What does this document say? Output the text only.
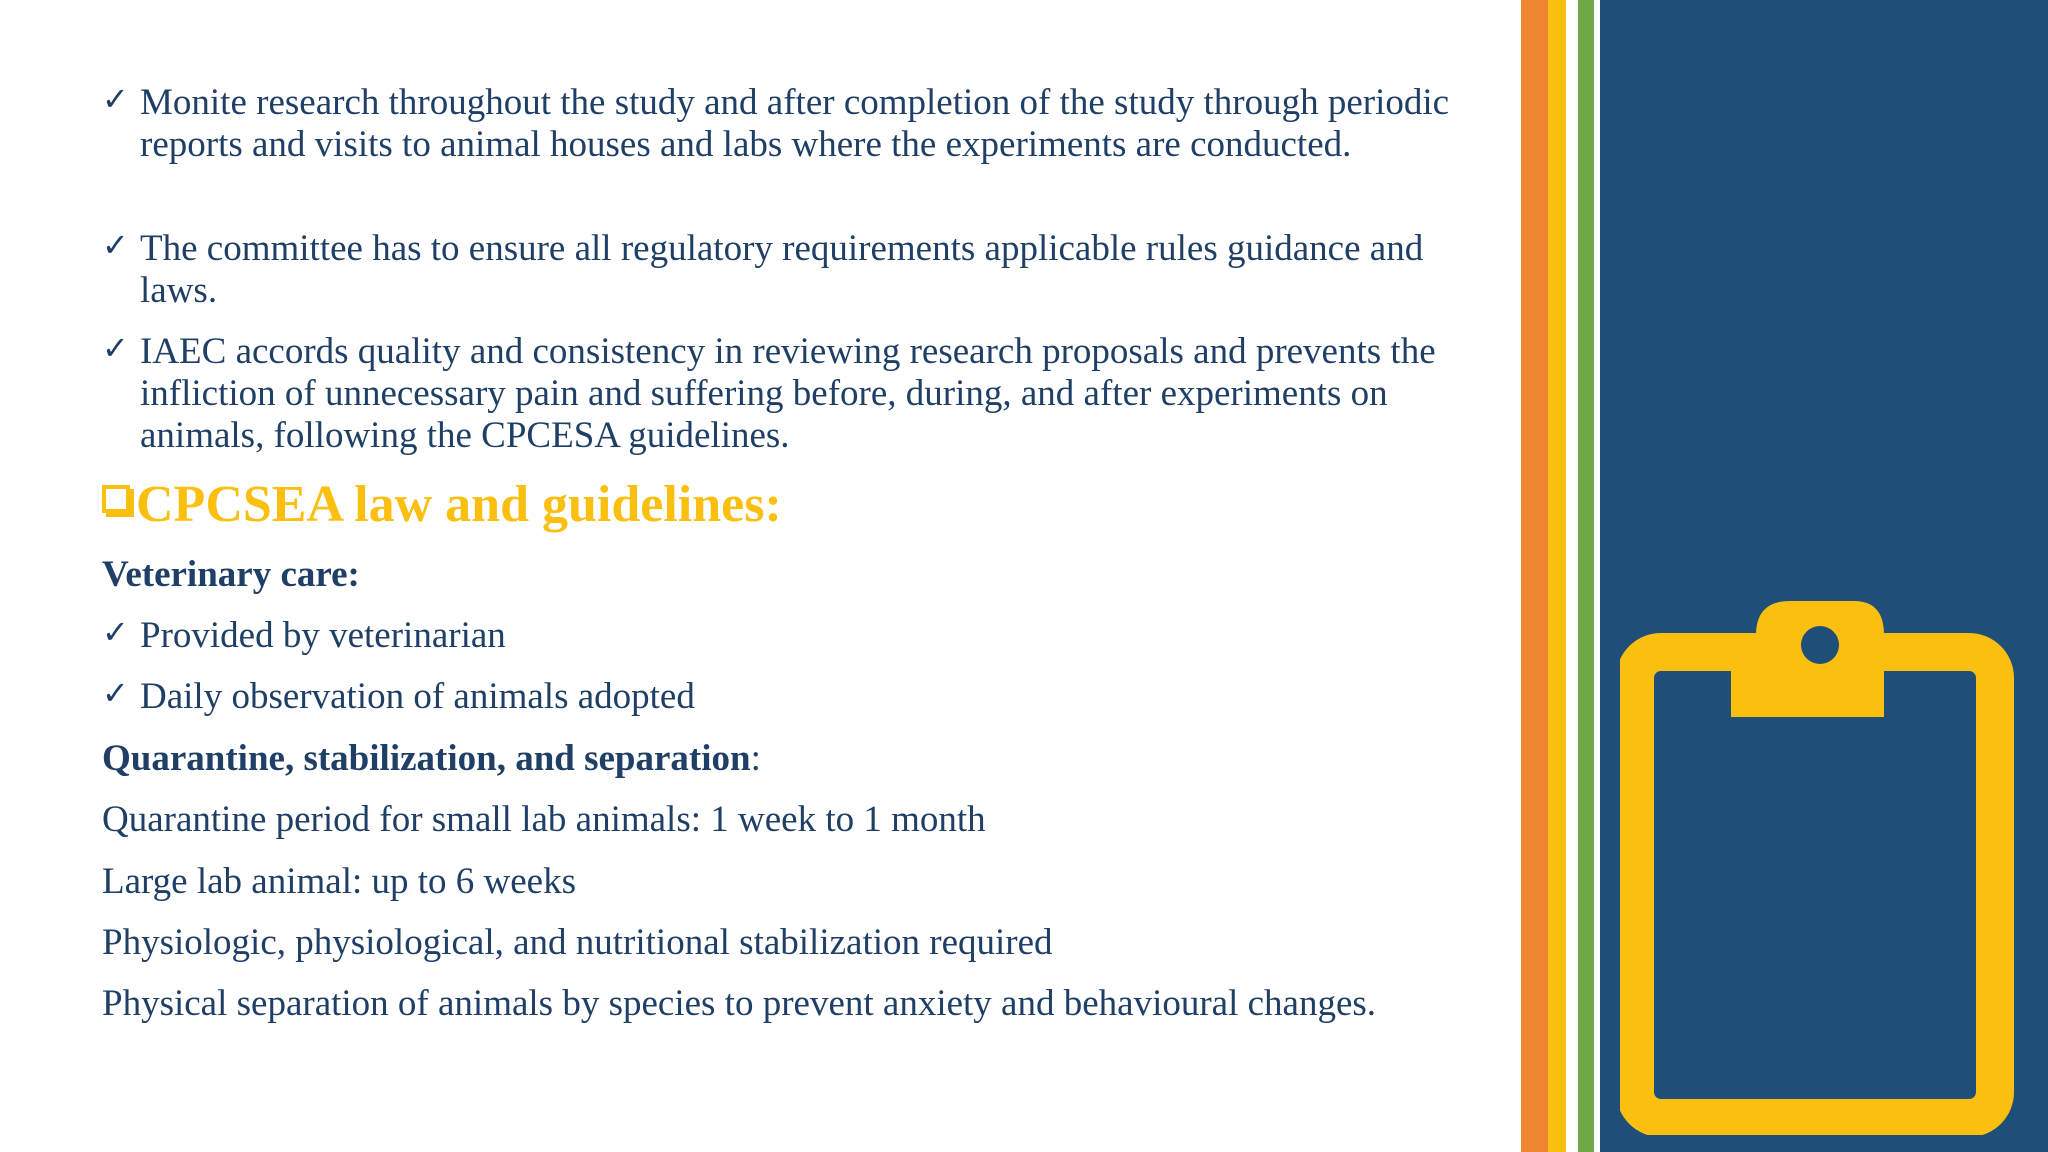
✓ Monite research throughout the study and after completion of the study through periodic reports and visits to animal houses and labs where the experiments are conducted.
✓ The committee has to ensure all regulatory requirements applicable rules guidance and laws.
✓ IAEC accords quality and consistency in reviewing research proposals and prevents the infliction of unnecessary pain and suffering before, during, and after experiments on animals, following the CPCESA guidelines.
CPCSEA law and guidelines:
Veterinary care:
✓ Provided by veterinarian
✓ Daily observation of animals adopted
Quarantine, stabilization, and separation:
Quarantine period for small lab animals: 1 week to 1 month
Large lab animal: up to 6 weeks
Physiologic, physiological, and nutritional stabilization required
Physical separation of animals by species to prevent anxiety and behavioural changes.
